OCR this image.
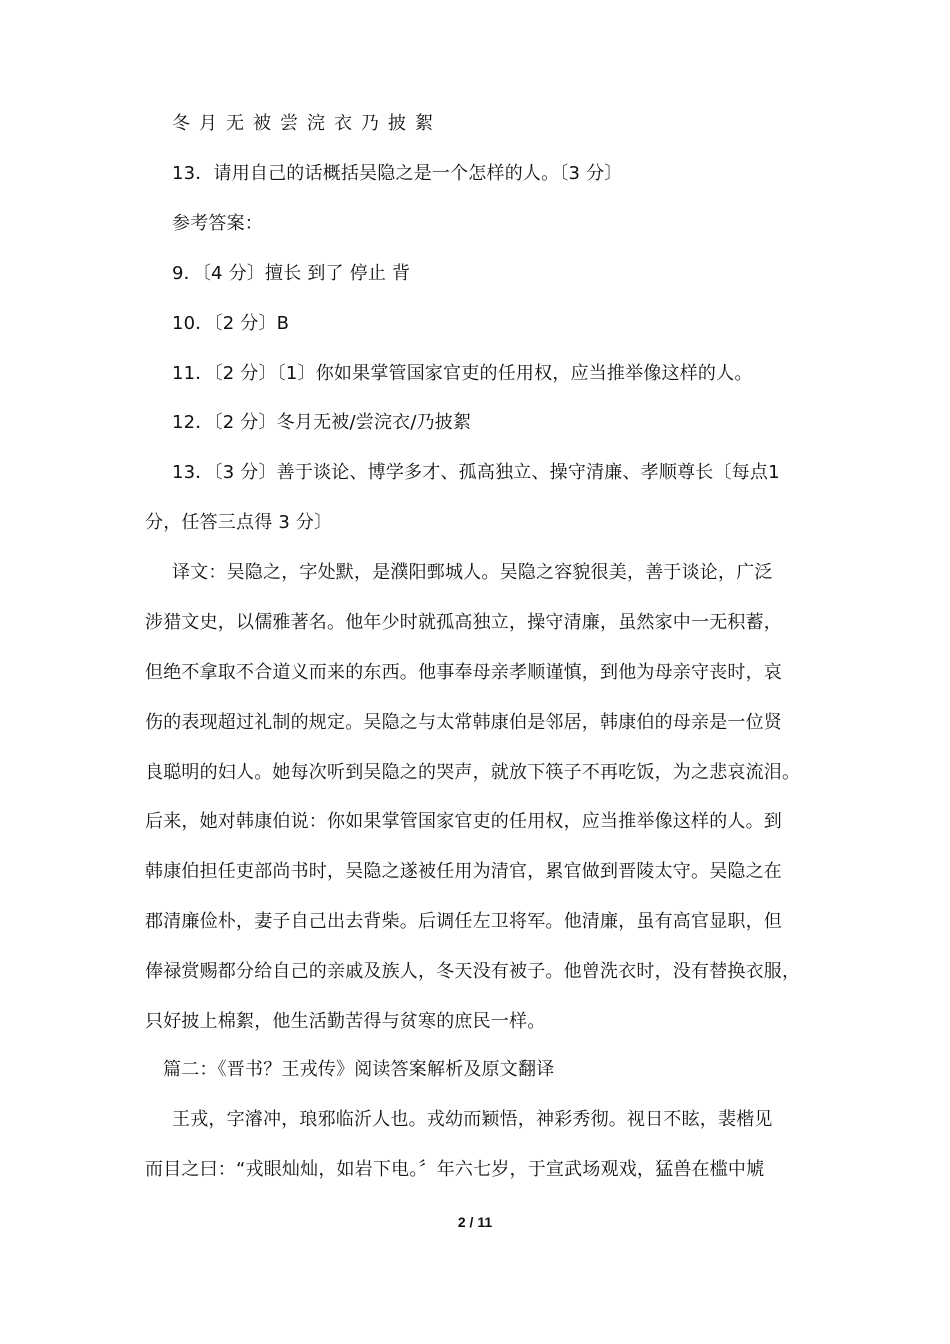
冬月无被尝浣衣乃披絮
13．请用自己的话概括吴隐之是一个怎样的人。〔3 分〕
参考答案：
9．〔4 分〕擅长 到了 停止 背
10．〔2 分〕B
11．〔2 分〕〔1〕你如果掌管国家官吏的任用权，应当推举像这样的人。
12．〔2 分〕冬月无被/尝浣衣/乃披絮
13．〔3 分〕善于谈论、博学多才、孤高独立、操守清廉、孝顺尊长〔每点1
分，任答三点得 3 分〕
译文：吴隐之，字处默，是濮阳鄄城人。吴隐之容貌很美，善于谈论，广泛
涉猎文史，以儒雅著名。他年少时就孤高独立，操守清廉，虽然家中一无积蓄，
但绝不拿取不合道义而来的东西。他事奉母亲孝顺谨慎，到他为母亲守丧时，哀
伤的表现超过礼制的规定。吴隐之与太常韩康伯是邻居，韩康伯的母亲是一位贤
良聪明的妇人。她每次听到吴隐之的哭声，就放下筷子不再吃饭，为之悲哀流泪。
后来，她对韩康伯说：你如果掌管国家官吏的任用权，应当推举像这样的人。到
韩康伯担任吏部尚书时，吴隐之遂被任用为清官，累官做到晋陵太守。吴隐之在
郡清廉俭朴，妻子自己出去背柴。后调任左卫将军。他清廉，虽有高官显职，但
俸禄赏赐都分给自己的亲戚及族人，冬天没有被子。他曾洗衣时，没有替换衣服，
只好披上棉絮，他生活勤苦得与贫寒的庶民一样。
篇二：《晋书？王戎传》阅读答案解析及原文翻译
王戎，字濬冲，琅邪临沂人也。戎幼而颖悟，神彩秀彻。视日不眩，裴楷见
而目之曰：“戎眼灿灿，如岩下电。〞年六七岁，于宣武场观戏，猛兽在槛中虓
2 / 11
